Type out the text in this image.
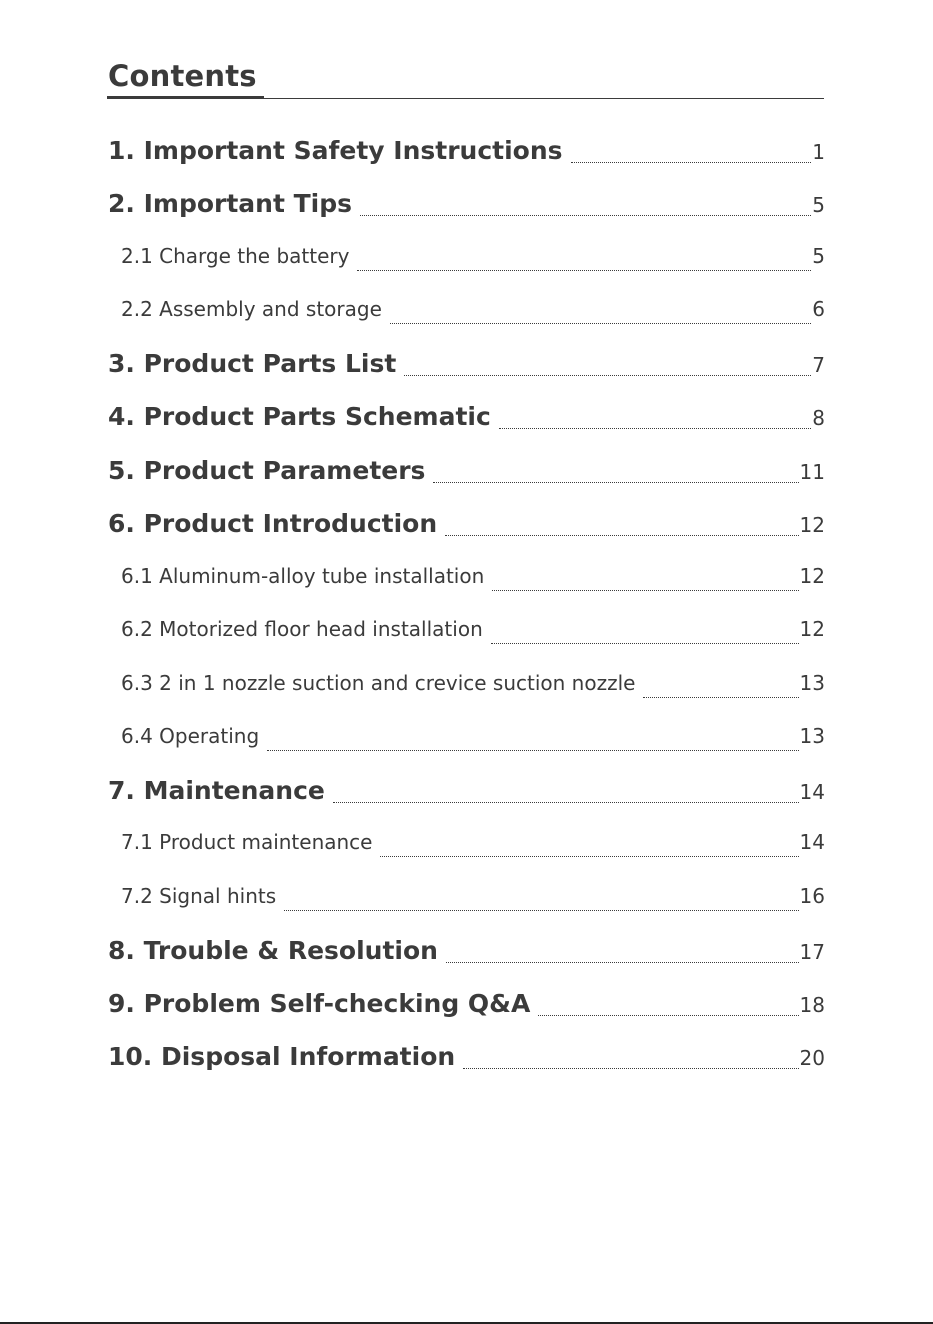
Contents
1. Important Safety Instructions	1
2. Important Tips	5
2.1 Charge the battery	5
2.2 Assembly and storage	6
3. Product Parts List	7
4. Product Parts Schematic	8
5. Product Parameters	11
6. Product Introduction	12
6.1 Aluminum-alloy tube installation	12
6.2 Motorized floor head installation	12
6.3 2 in 1 nozzle suction and crevice suction nozzle	13
6.4 Operating	13
7. Maintenance	14
7.1 Product maintenance	14
7.2 Signal hints	16
8. Trouble & Resolution	17
9. Problem Self-checking Q&A	18
10. Disposal Information	20
